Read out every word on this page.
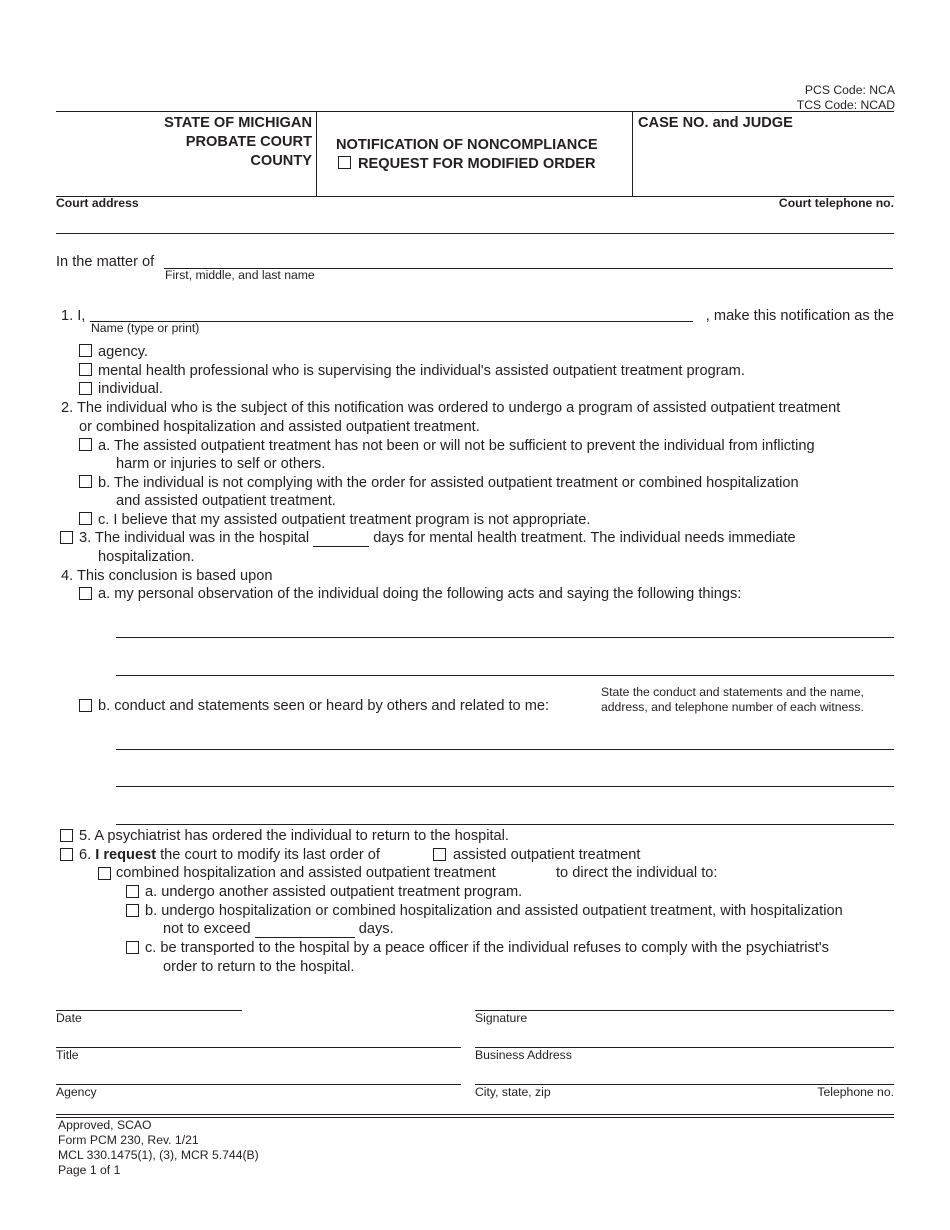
PCS Code: NCA
TCS Code: NCAD
STATE OF MICHIGAN
PROBATE COURT
COUNTY
NOTIFICATION OF NONCOMPLIANCE
REQUEST FOR MODIFIED ORDER
CASE NO. and JUDGE
Court address	Court telephone no.
In the matter of
First, middle, and last name
1. I,	, make this notification as the
Name (type or print)
agency.
mental health professional who is supervising the individual's assisted outpatient treatment program.
individual.
2. The individual who is the subject of this notification was ordered to undergo a program of assisted outpatient treatment
or combined hospitalization and assisted outpatient treatment.
a. The assisted outpatient treatment has not been or will not be sufficient to prevent the individual from inflicting
harm or injuries to self or others.
b. The individual is not complying with the order for assisted outpatient treatment or combined hospitalization
and assisted outpatient treatment.
c. I believe that my assisted outpatient treatment program is not appropriate.
3. The individual was in the hospital	days for mental health treatment. The individual needs immediate
hospitalization.
4. This conclusion is based upon
a. my personal observation of the individual doing the following acts and saying the following things:
b. conduct and statements seen or heard by others and related to me:
State the conduct and statements and the name,
address, and telephone number of each witness.
5. A psychiatrist has ordered the individual to return to the hospital.
6. I request the court to modify its last order of	assisted outpatient treatment
combined hospitalization and assisted outpatient treatment	to direct the individual to:
a. undergo another assisted outpatient treatment program.
b. undergo hospitalization or combined hospitalization and assisted outpatient treatment, with hospitalization
not to exceed	days.
c. be transported to the hospital by a peace officer if the individual refuses to comply with the psychiatrist's
order to return to the hospital.
Date	Signature
Title	Business Address
Agency	City, state, zip	Telephone no.
Approved, SCAO
Form PCM 230, Rev. 1/21
MCL 330.1475(1), (3), MCR 5.744(B)
Page 1 of 1
